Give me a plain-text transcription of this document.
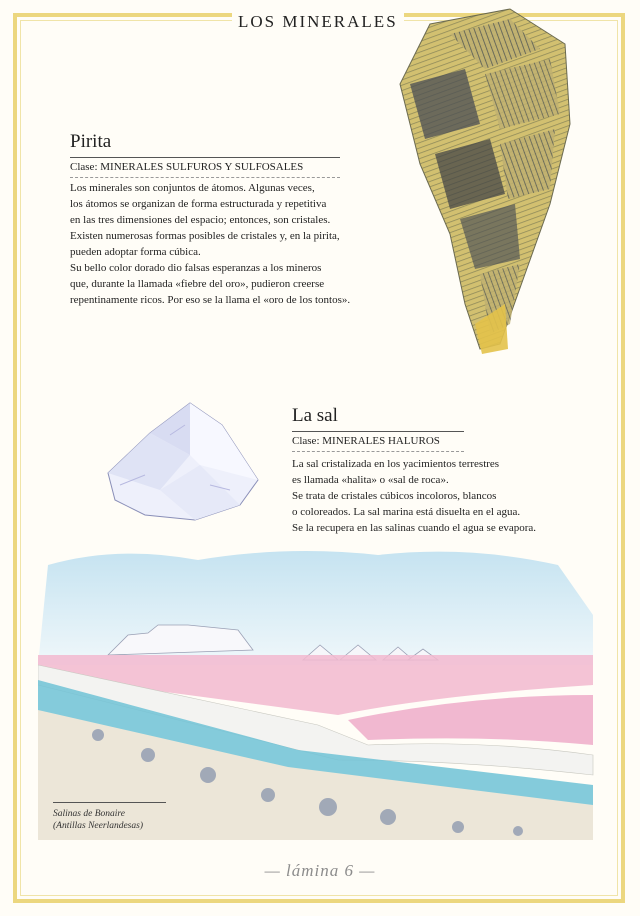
LOS MINERALES
Pirita
Clase: MINERALES SULFUROS Y SULFOSALES
Los minerales son conjuntos de átomos. Algunas veces,
los átomos se organizan de forma estructurada y repetitiva
en las tres dimensiones del espacio; entonces, son cristales.
Existen numerosas formas posibles de cristales y, en la pirita,
pueden adoptar forma cúbica.
Su bello color dorado dio falsas esperanzas a los mineros
que, durante la llamada «fiebre del oro», pudieron creerse
repentinamente ricos. Por eso se la llama el «oro de los tontos».
La sal
Clase: MINERALES HALUROS
La sal cristalizada en los yacimientos terrestres
es llamada «halita» o «sal de roca».
Se trata de cristales cúbicos incoloros, blancos
o coloreados. La sal marina está disuelta en el agua.
Se la recupera en las salinas cuando el agua se evapora.
Salinas de Bonaire
(Antillas Neerlandesas)
— lámina 6 —
